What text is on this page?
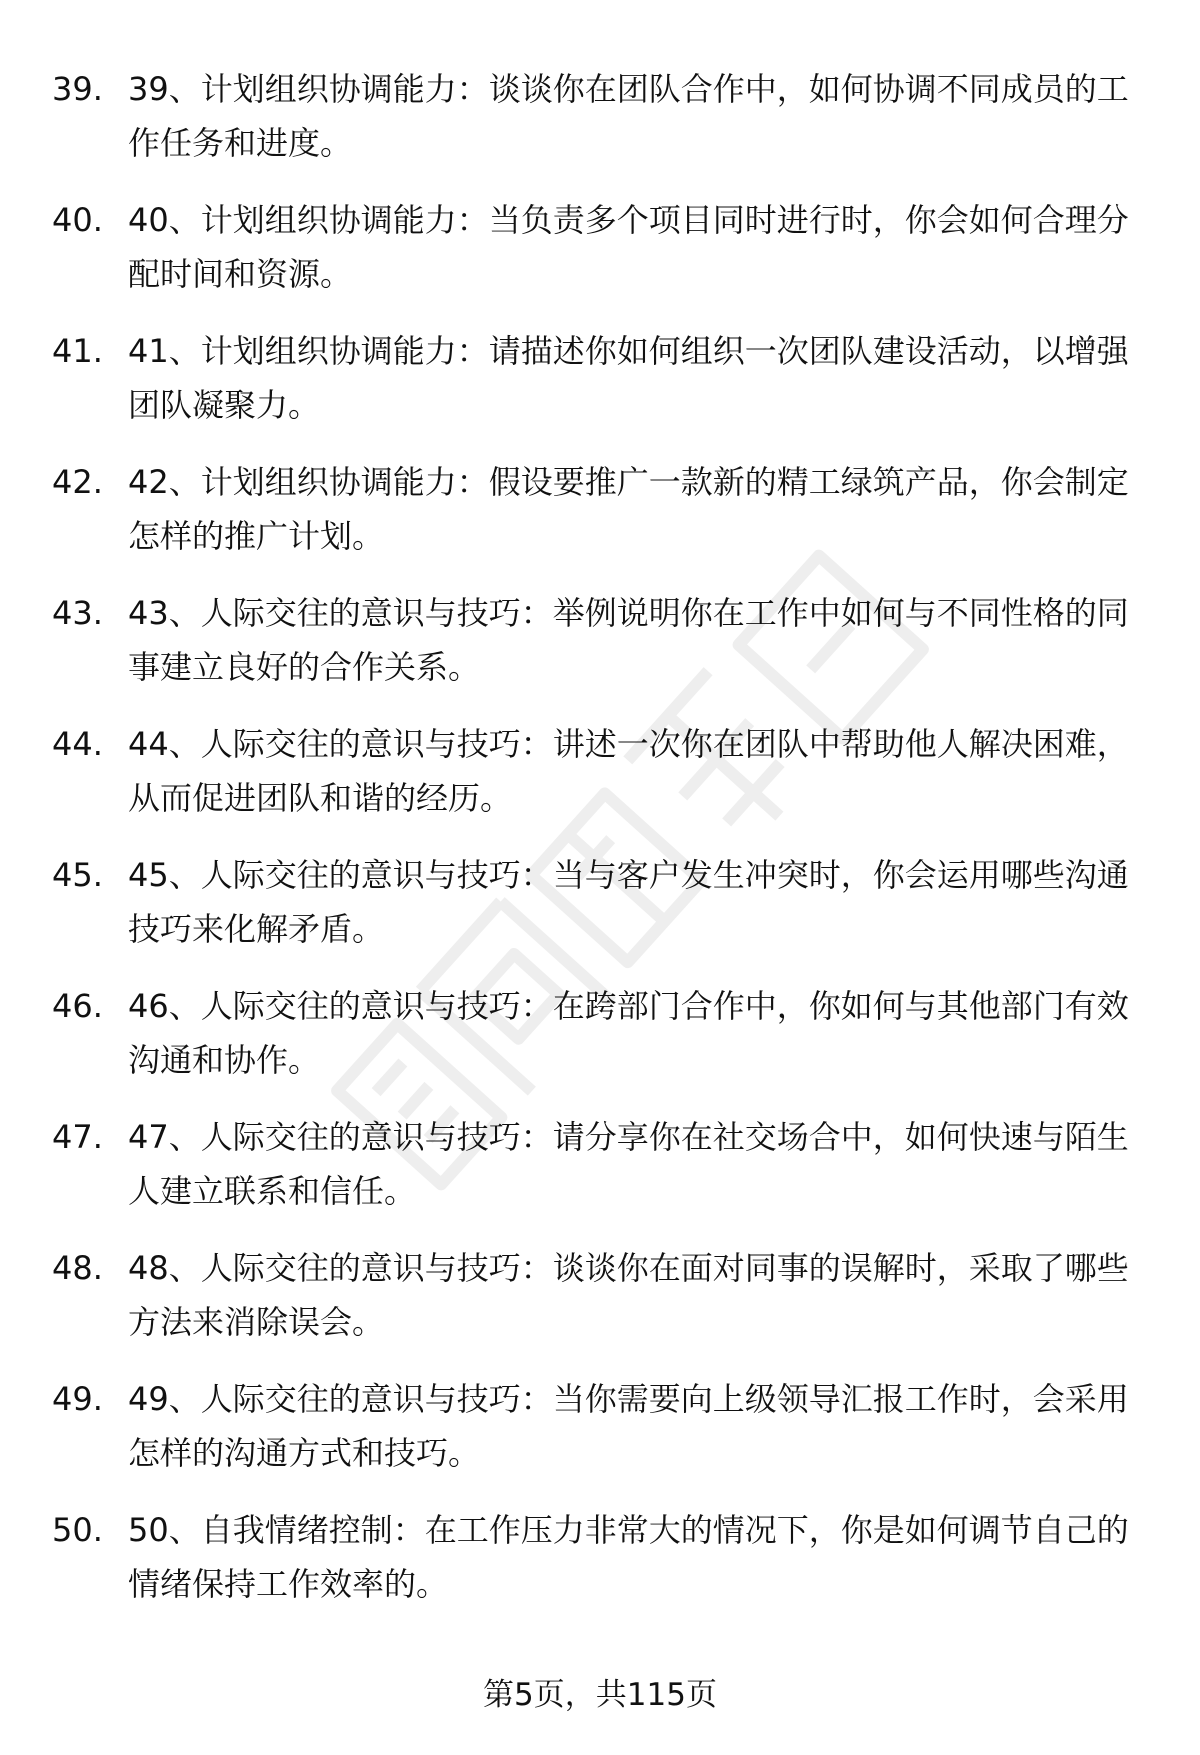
39. 39、计划组织协调能力：谈谈你在团队合作中，如何协调不同成员的工作任务和进度。
40. 40、计划组织协调能力：当负责多个项目同时进行时，你会如何合理分配时间和资源。
41. 41、计划组织协调能力：请描述你如何组织一次团队建设活动，以增强团队凝聚力。
42. 42、计划组织协调能力：假设要推广一款新的精工绿筑产品，你会制定怎样的推广计划。
43. 43、人际交往的意识与技巧：举例说明你在工作中如何与不同性格的同事建立良好的合作关系。
44. 44、人际交往的意识与技巧：讲述一次你在团队中帮助他人解决困难，从而促进团队和谐的经历。
45. 45、人际交往的意识与技巧：当与客户发生冲突时，你会运用哪些沟通技巧来化解矛盾。
46. 46、人际交往的意识与技巧：在跨部门合作中，你如何与其他部门有效沟通和协作。
47. 47、人际交往的意识与技巧：请分享你在社交场合中，如何快速与陌生人建立联系和信任。
48. 48、人际交往的意识与技巧：谈谈你在面对同事的误解时，采取了哪些方法来消除误会。
49. 49、人际交往的意识与技巧：当你需要向上级领导汇报工作时，会采用怎样的沟通方式和技巧。
50. 50、自我情绪控制：在工作压力非常大的情况下，你是如何调节自己的情绪保持工作效率的。
第5页，共115页
